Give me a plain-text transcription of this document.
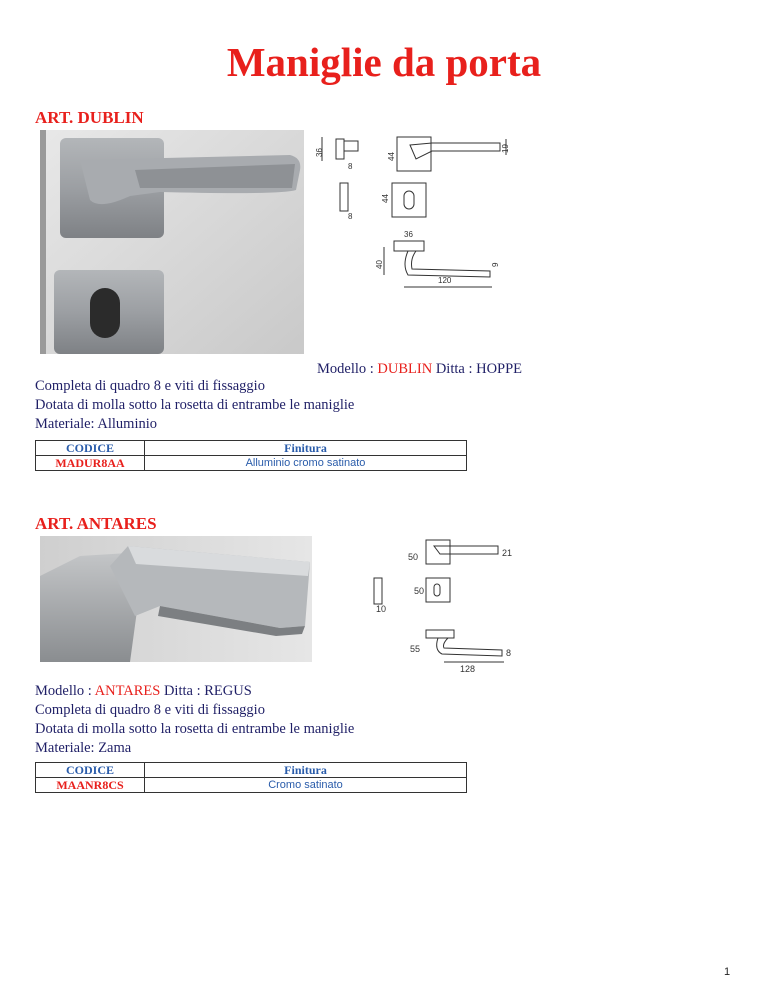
Maniglie da porta
ART. DUBLIN
36
8
44
19
44
8
36
40	9
120
Modello : DUBLIN Ditta : HOPPE
Completa di quadro 8 e viti di fissaggio
Dotata di molla sotto la rosetta di entrambe le maniglie
Materiale: Alluminio
CODICE	Finitura
MADUR8AA	Alluminio cromo satinato
ART. ANTARES
50	21
50
10
55	8
128
Modello : ANTARES Ditta : REGUS
Completa di quadro 8 e viti di fissaggio
Dotata di molla sotto la rosetta di entrambe le maniglie
Materiale: Zama
CODICE	Finitura
MAANR8CS	Cromo satinato
1
